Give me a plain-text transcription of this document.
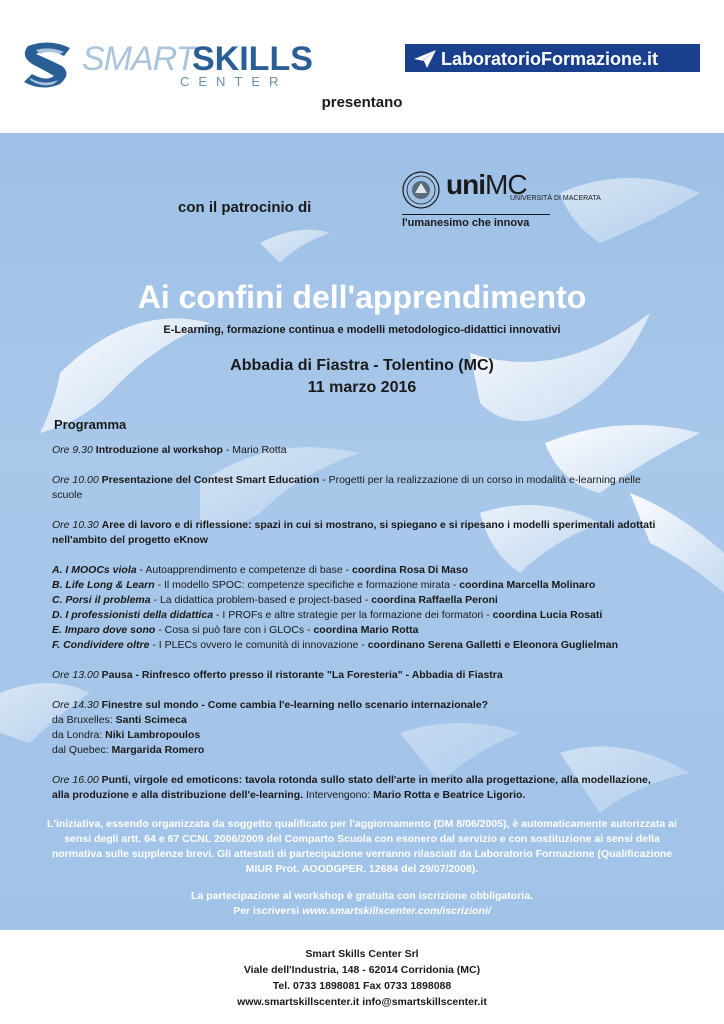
SMART
SKILLS
CENTER
LaboratorioFormazione.it
presentano
con il patrocinio di
uniMC
UNIVERSITÀ DI MACERATA
l'umanesimo che innova
Ai confini dell'apprendimento
E-Learning, formazione continua e modelli metodologico-didattici innovativi
Abbadia di Fiastra - Tolentino (MC)
11 marzo 2016
Programma
Ore 9.30 Introduzione al workshop - Mario Rotta
Ore 10.00 Presentazione del Contest Smart Education - Progetti per la realizzazione di un corso in modalità e-learning nelle scuole
Ore 10.30 Aree di lavoro e di riflessione: spazi in cui si mostrano, si spiegano e si ripesano i modelli sperimentali adottati nell'ambito del progetto eKnow
A. I MOOCs viola - Autoapprendimento e competenze di base - coordina Rosa Di Maso
B. Life Long & Learn - Il modello SPOC: competenze specifiche e formazione mirata - coordina Marcella Molinaro
C. Porsi il problema - La didattica problem-based e project-based - coordina Raffaella Peroni
D. I professionisti della didattica - I PROFs e altre strategie per la formazione dei formatori - coordina Lucia Rosati
E. Imparo dove sono - Cosa si può fare con i GLOCs - coordina Mario Rotta
F. Condividere oltre - I PLECs ovvero le comunità di innovazione - coordinano Serena Galletti e Eleonora Guglielman
Ore 13.00 Pausa - Rinfresco offerto presso il ristorante "La Foresteria" - Abbadia di Fiastra
Ore 14.30 Finestre sul mondo - Come cambia l'e-learning nello scenario internazionale?
da Bruxelles: Santi Scimeca
da Londra: Niki Lambropoulos
dal Quebec: Margarida Romero
Ore 16.00 Punti, virgole ed emoticons: tavola rotonda sullo stato dell'arte in merito alla progettazione, alla modellazione, alla produzione e alla distribuzione dell'e-learning. Intervengono: Mario Rotta e Beatrice Ligorio.
L'iniziativa, essendo organizzata da soggetto qualificato per l'aggiornamento (DM 8/06/2005), è automaticamente autorizzata ai sensi degli artt. 64 e 67 CCNL 2006/2009 del Comparto Scuola con esonero dal servizio e con sostituzione ai sensi della normativa sulle supplenze brevi. Gli attestati di partecipazione verranno rilasciati da Laboratorio Formazione (Qualificazione MIUR Prot. AOODGPER. 12684 del 29/07/2008).
La partecipazione al workshop è gratuita con iscrizione obbligatoria.
Per iscriversi www.smartskillscenter.com/iscrizioni/
Smart Skills Center Srl
Viale dell'Industria, 148 - 62014 Corridonia (MC)
Tel. 0733 1898081 Fax 0733 1898088
www.smartskillscenter.it info@smartskillscenter.it
